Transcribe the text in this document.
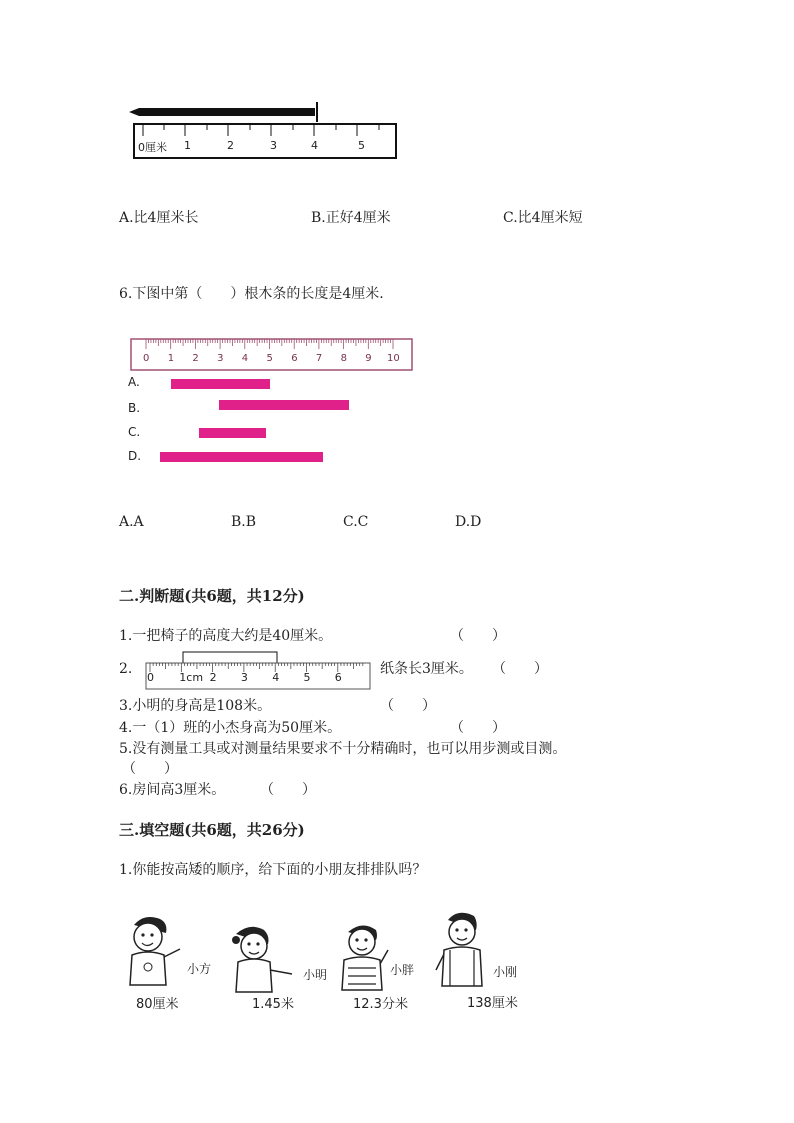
0厘米 1	2	3	4	5
A.比4厘米长	B.正好4厘米	C.比4厘米短
6.下图中第（　　）根木条的长度是4厘米.
0 1 2 3 4 5 6 7 8 9 10
A.
B.
C.
D.
A.A	B.B	C.C	D.D
二.判断题(共6题，共12分)
1.一把椅子的高度大约是40厘米。	（　　）
2.
0 1cm 2 3 4 5 6
纸条长3厘米。 （　　）
3.小明的身高是108米。	（　　）
4.一（1）班的小杰身高为50厘米。	（　　）
5.没有测量工具或对测量结果要求不十分精确时，也可以用步测或目测。
（　　）
6.房间高3厘米。 （　　）
三.填空题(共6题，共26分)
1.你能按高矮的顺序，给下面的小朋友排排队吗？
小方
80厘米
小明
1.45米
小胖
12.3分米
小刚
138厘米
